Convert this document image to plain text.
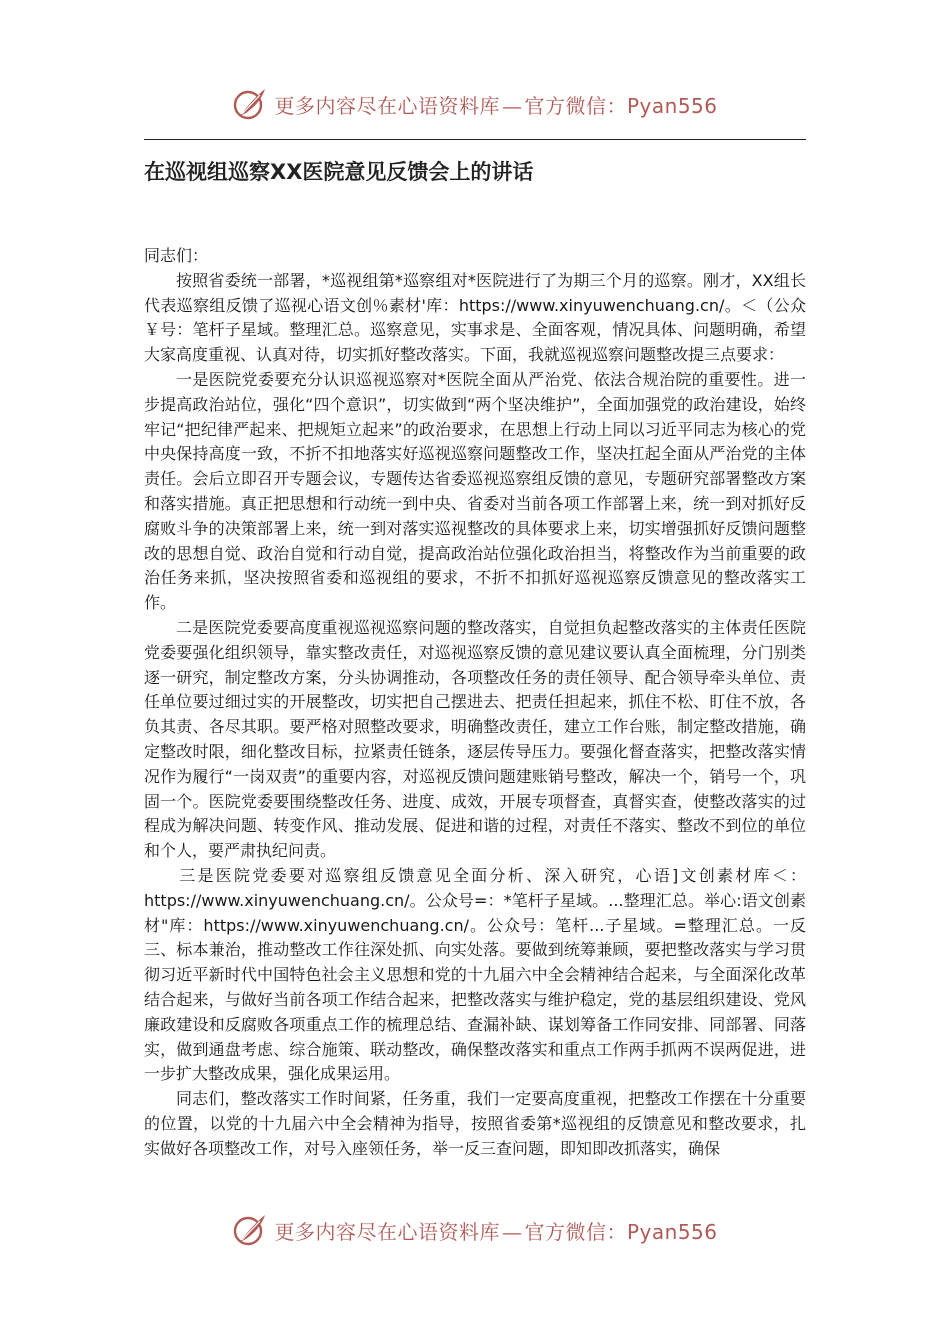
更多内容尽在心语资料库 — 官方微信：Pyan556
在巡视组巡察XX医院意见反馈会上的讲话

同志们：

按照省委统一部署，*巡视组第*巡察组对*医院进行了为期三个月的巡察。刚才，XX组长代表巡察组反馈了巡视心语文创％素材'库：https://www.xinyuwenchuang.cn/。＜（公众￥号：笔杆子星域。整理汇总。巡察意见，实事求是、全面客观，情况具体、问题明确，希望大家高度重视、认真对待，切实抓好整改落实。下面，我就巡视巡察问题整改提三点要求：

一是医院党委要充分认识巡视巡察对*医院全面从严治党、依法合规治院的重要性。进一步提高政治站位，强化“四个意识”，切实做到“两个坚决维护”，全面加强党的政治建设，始终牢记“把纪律严起来、把规矩立起来”的政治要求，在思想上行动上同以习近平同志为核心的党中央保持高度一致，不折不扣地落实好巡视巡察问题整改工作，坚决扛起全面从严治党的主体责任。会后立即召开专题会议，专题传达省委巡视巡察组反馈的意见，专题研究部署整改方案和落实措施。真正把思想和行动统一到中央、省委对当前各项工作部署上来，统一到对抓好反腐败斗争的决策部署上来，统一到对落实巡视整改的具体要求上来，切实增强抓好反馈问题整改的思想自觉、政治自觉和行动自觉，提高政治站位强化政治担当，将整改作为当前重要的政治任务来抓，坚决按照省委和巡视组的要求，不折不扣抓好巡视巡察反馈意见的整改落实工作。

二是医院党委要高度重视巡视巡察问题的整改落实，自觉担负起整改落实的主体责任医院党委要强化组织领导，靠实整改责任，对巡视巡察反馈的意见建议要认真全面梳理，分门别类逐一研究，制定整改方案，分头协调推动，各项整改任务的责任领导、配合领导牵头单位、责任单位要过细过实的开展整改，切实把自己摆进去、把责任担起来，抓住不松、盯住不放，各负其责、各尽其职。要严格对照整改要求，明确整改责任，建立工作台账，制定整改措施，确定整改时限，细化整改目标，拉紧责任链条，逐层传导压力。要强化督查落实，把整改落实情况作为履行“一岗双责”的重要内容，对巡视反馈问题建账销号整改，解决一个，销号一个，巩固一个。医院党委要围绕整改任务、进度、成效，开展专项督查，真督实查，使整改落实的过程成为解决问题、转变作风、推动发展、促进和谐的过程，对责任不落实、整改不到位的单位和个人，要严肃执纪问责。

三是医院党委要对巡察组反馈意见全面分析、深入研究，心语]文创素材库＜：https://www.xinyuwenchuang.cn/。公众号=：*笔杆子星域。...整理汇总。举心:语文创素材"库：https://www.xinyuwenchuang.cn/。公众号：笔杆...子星域。=整理汇总。一反三、标本兼治，推动整改工作往深处抓、向实处落。要做到统筹兼顾，要把整改落实与学习贯彻习近平新时代中国特色社会主义思想和党的十九届六中全会精神结合起来，与全面深化改革结合起来，与做好当前各项工作结合起来，把整改落实与维护稳定，党的基层组织建设、党风廉政建设和反腐败各项重点工作的梳理总结、查漏补缺、谋划筹备工作同安排、同部署、同落实，做到通盘考虑、综合施策、联动整改，确保整改落实和重点工作两手抓两不误两促进，进一步扩大整改成果，强化成果运用。

同志们，整改落实工作时间紧，任务重，我们一定要高度重视，把整改工作摆在十分重要的位置，以党的十九届六中全会精神为指导，按照省委第*巡视组的反馈意见和整改要求，扎实做好各项整改工作，对号入座领任务，举一反三查问题，即知即改抓落实，确保

更多内容尽在心语资料库 — 官方微信：Pyan556
